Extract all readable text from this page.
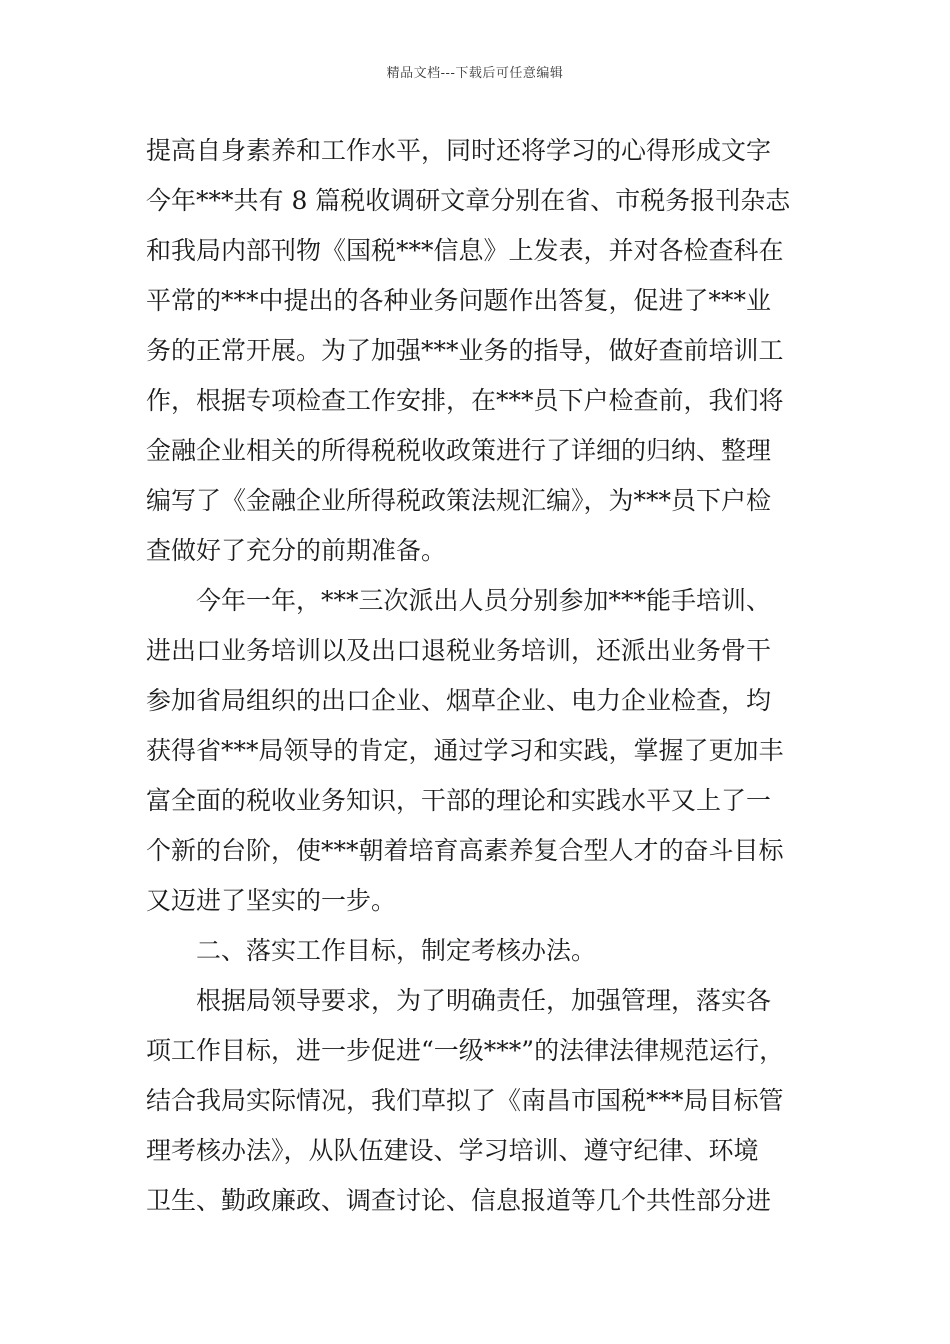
精品文档---下载后可任意编辑
提高自身素养和工作水平，同时还将学习的心得形成文字
今年***共有 8 篇税收调研文章分别在省、市税务报刊杂志
和我局内部刊物《国税***信息》上发表，并对各检查科在
平常的***中提出的各种业务问题作出答复，促进了***业
务的正常开展。为了加强***业务的指导，做好查前培训工
作，根据专项检查工作安排，在***员下户检查前，我们将
金融企业相关的所得税税收政策进行了详细的归纳、整理
编写了《金融企业所得税政策法规汇编》，为***员下户检
查做好了充分的前期准备。
今年一年，***三次派出人员分别参加***能手培训、
进出口业务培训以及出口退税业务培训，还派出业务骨干
参加省局组织的出口企业、烟草企业、电力企业检查，均
获得省***局领导的肯定，通过学习和实践，掌握了更加丰
富全面的税收业务知识，干部的理论和实践水平又上了一
个新的台阶，使***朝着培育高素养复合型人才的奋斗目标
又迈进了坚实的一步。
二、落实工作目标，制定考核办法。
根据局领导要求，为了明确责任，加强管理，落实各
项工作目标，进一步促进“一级***”的法律法律规范运行，
结合我局实际情况，我们草拟了《南昌市国税***局目标管
理考核办法》，从队伍建设、学习培训、遵守纪律、环境
卫生、勤政廉政、调查讨论、信息报道等几个共性部分进
